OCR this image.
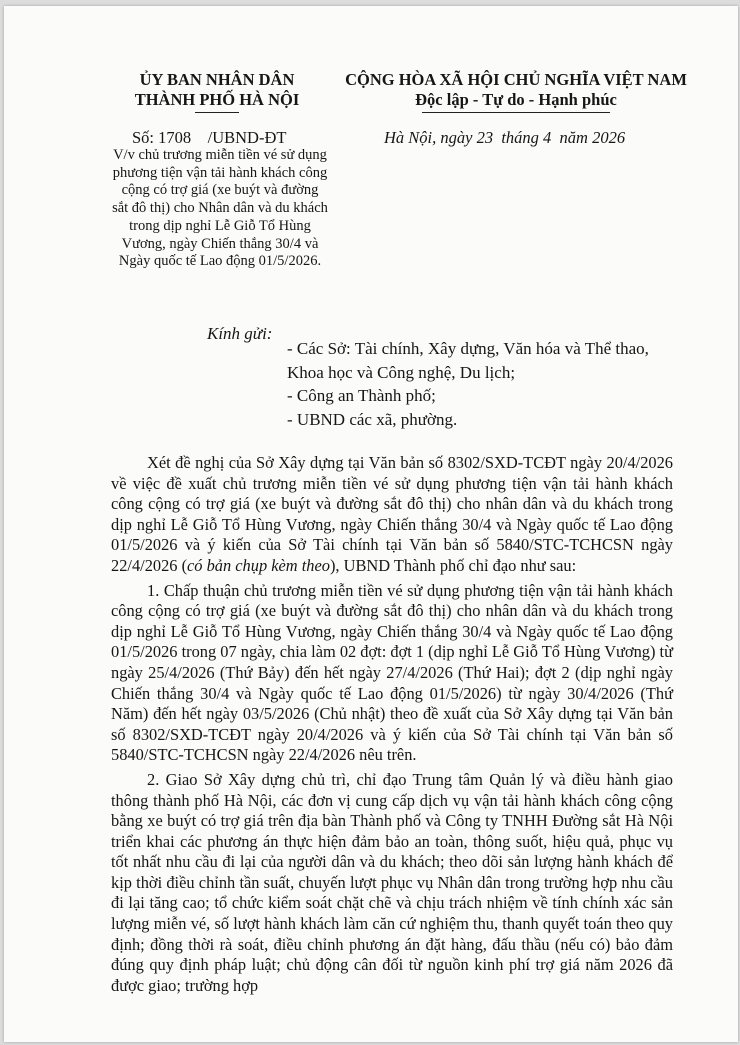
ỦY BAN NHÂN DÂN
THÀNH PHỐ HÀ NỘI
CỘNG HÒA XÃ HỘI CHỦ NGHĨA VIỆT NAM
Độc lập - Tự do - Hạnh phúc
Số: 1708    /UBND-ĐT	Hà Nội, ngày 23  tháng 4  năm 2026
V/v chủ trương miễn tiền vé sử dụng phương tiện vận tải hành khách công cộng có trợ giá (xe buýt và đường sắt đô thị) cho Nhân dân và du khách trong dịp nghỉ Lễ Giỗ Tổ Hùng Vương, ngày Chiến thắng 30/4 và Ngày quốc tế Lao động 01/5/2026.
Kính gửi:
- Các Sở: Tài chính, Xây dựng, Văn hóa và Thể thao,
Khoa học và Công nghệ, Du lịch;
- Công an Thành phố;
- UBND các xã, phường.

Xét đề nghị của Sở Xây dựng tại Văn bản số 8302/SXD-TCĐT ngày 20/4/2026 về việc đề xuất chủ trương miễn tiền vé sử dụng phương tiện vận tải hành khách công cộng có trợ giá (xe buýt và đường sắt đô thị) cho nhân dân và du khách trong dịp nghỉ Lễ Giỗ Tổ Hùng Vương, ngày Chiến thắng 30/4 và Ngày quốc tế Lao động 01/5/2026 và ý kiến của Sở Tài chính tại Văn bản số 5840/STC-TCHCSN ngày 22/4/2026 (có bản chụp kèm theo), UBND Thành phố chỉ đạo như sau:

1. Chấp thuận chủ trương miễn tiền vé sử dụng phương tiện vận tải hành khách công cộng có trợ giá (xe buýt và đường sắt đô thị) cho nhân dân và du khách trong dịp nghỉ Lễ Giỗ Tổ Hùng Vương, ngày Chiến thắng 30/4 và Ngày quốc tế Lao động 01/5/2026 trong 07 ngày, chia làm 02 đợt: đợt 1 (dịp nghỉ Lễ Giỗ Tổ Hùng Vương) từ ngày 25/4/2026 (Thứ Bảy) đến hết ngày 27/4/2026 (Thứ Hai); đợt 2 (dịp nghỉ ngày Chiến thắng 30/4 và Ngày quốc tế Lao động 01/5/2026) từ ngày 30/4/2026 (Thứ Năm) đến hết ngày 03/5/2026 (Chủ nhật) theo đề xuất của Sở Xây dựng tại Văn bản số 8302/SXD-TCĐT ngày 20/4/2026 và ý kiến của Sở Tài chính tại Văn bản số 5840/STC-TCHCSN ngày 22/4/2026 nêu trên.

2. Giao Sở Xây dựng chủ trì, chỉ đạo Trung tâm Quản lý và điều hành giao thông thành phố Hà Nội, các đơn vị cung cấp dịch vụ vận tải hành khách công cộng bằng xe buýt có trợ giá trên địa bàn Thành phố và Công ty TNHH Đường sắt Hà Nội triển khai các phương án thực hiện đảm bảo an toàn, thông suốt, hiệu quả, phục vụ tốt nhất nhu cầu đi lại của người dân và du khách; theo dõi sản lượng hành khách để kịp thời điều chỉnh tần suất, chuyến lượt phục vụ Nhân dân trong trường hợp nhu cầu đi lại tăng cao; tổ chức kiểm soát chặt chẽ và chịu trách nhiệm về tính chính xác sản lượng miễn vé, số lượt hành khách làm căn cứ nghiệm thu, thanh quyết toán theo quy định; đồng thời rà soát, điều chỉnh phương án đặt hàng, đấu thầu (nếu có) bảo đảm đúng quy định pháp luật; chủ động cân đối từ nguồn kinh phí trợ giá năm 2026 đã được giao; trường hợp
